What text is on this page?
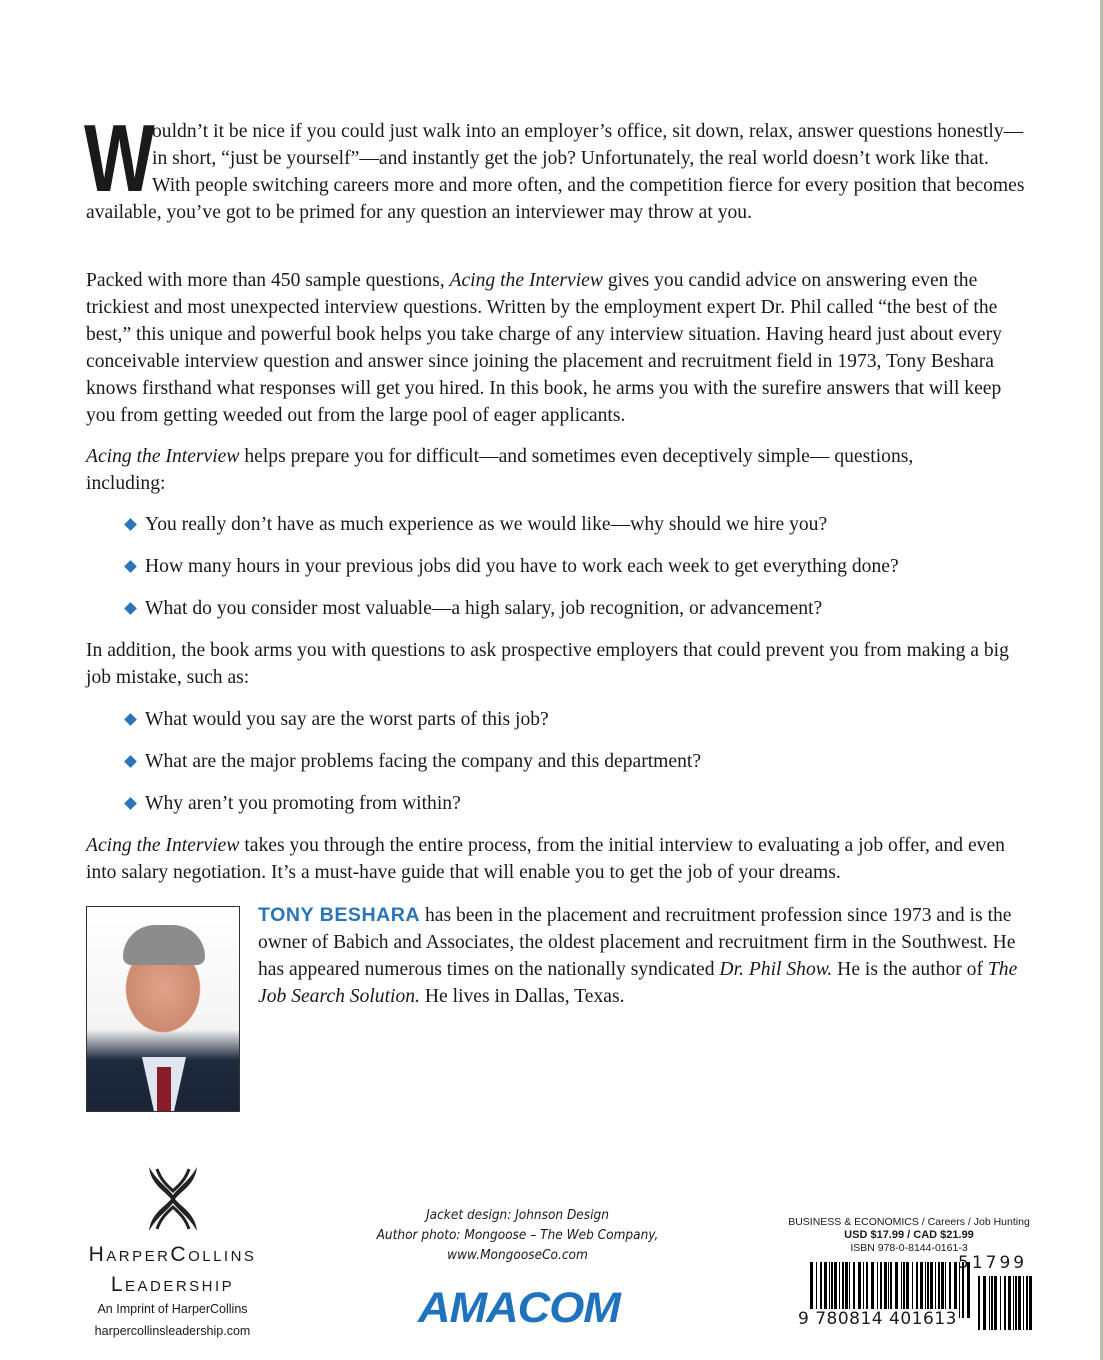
W
ouldn’t it be nice if you could just walk into an employer’s office, sit down, relax, answer questions honestly—in short, “just be yourself”—and instantly get the job? Unfortunately, the real world doesn’t work like that. With people switching careers more and more often, and the competition fierce for every position that becomes available, you’ve got to be primed for any question an interviewer may throw at you.
Packed with more than 450 sample questions, Acing the Interview gives you candid advice on answering even the trickiest and most unexpected interview questions. Written by the employment expert Dr. Phil called “the best of the best,” this unique and powerful book helps you take charge of any interview situation. Having heard just about every conceivable interview question and answer since joining the placement and recruitment field in 1973, Tony Beshara knows firsthand what responses will get you hired. In this book, he arms you with the surefire answers that will keep you from getting weeded out from the large pool of eager applicants.
Acing the Interview helps prepare you for difficult—and sometimes even deceptively simple— questions, including:
You really don’t have as much experience as we would like—why should we hire you?
How many hours in your previous jobs did you have to work each week to get everything done?
What do you consider most valuable—a high salary, job recognition, or advancement?
In addition, the book arms you with questions to ask prospective employers that could prevent you from making a big job mistake, such as:
What would you say are the worst parts of this job?
What are the major problems facing the company and this department?
Why aren’t you promoting from within?
Acing the Interview takes you through the entire process, from the initial interview to evaluating a job offer, and even into salary negotiation. It’s a must-have guide that will enable you to get the job of your dreams.
TONY BESHARA has been in the placement and recruitment profession since 1973 and is the owner of Babich and Associates, the oldest placement and recruitment firm in the Southwest. He has appeared numerous times on the nationally syndicated Dr. Phil Show. He is the author of The Job Search Solution. He lives in Dallas, Texas.
HarperCollins
Leadership
An Imprint of HarperCollins
harpercollinsleadership.com
Jacket design: Johnson Design
Author photo: Mongoose – The Web Company,
www.MongooseCo.com
AMACOM
BUSINESS & ECONOMICS / Careers / Job Hunting
USD $17.99 / CAD $21.99
ISBN 978-0-8144-0161-3
9 780814 401613
51799
